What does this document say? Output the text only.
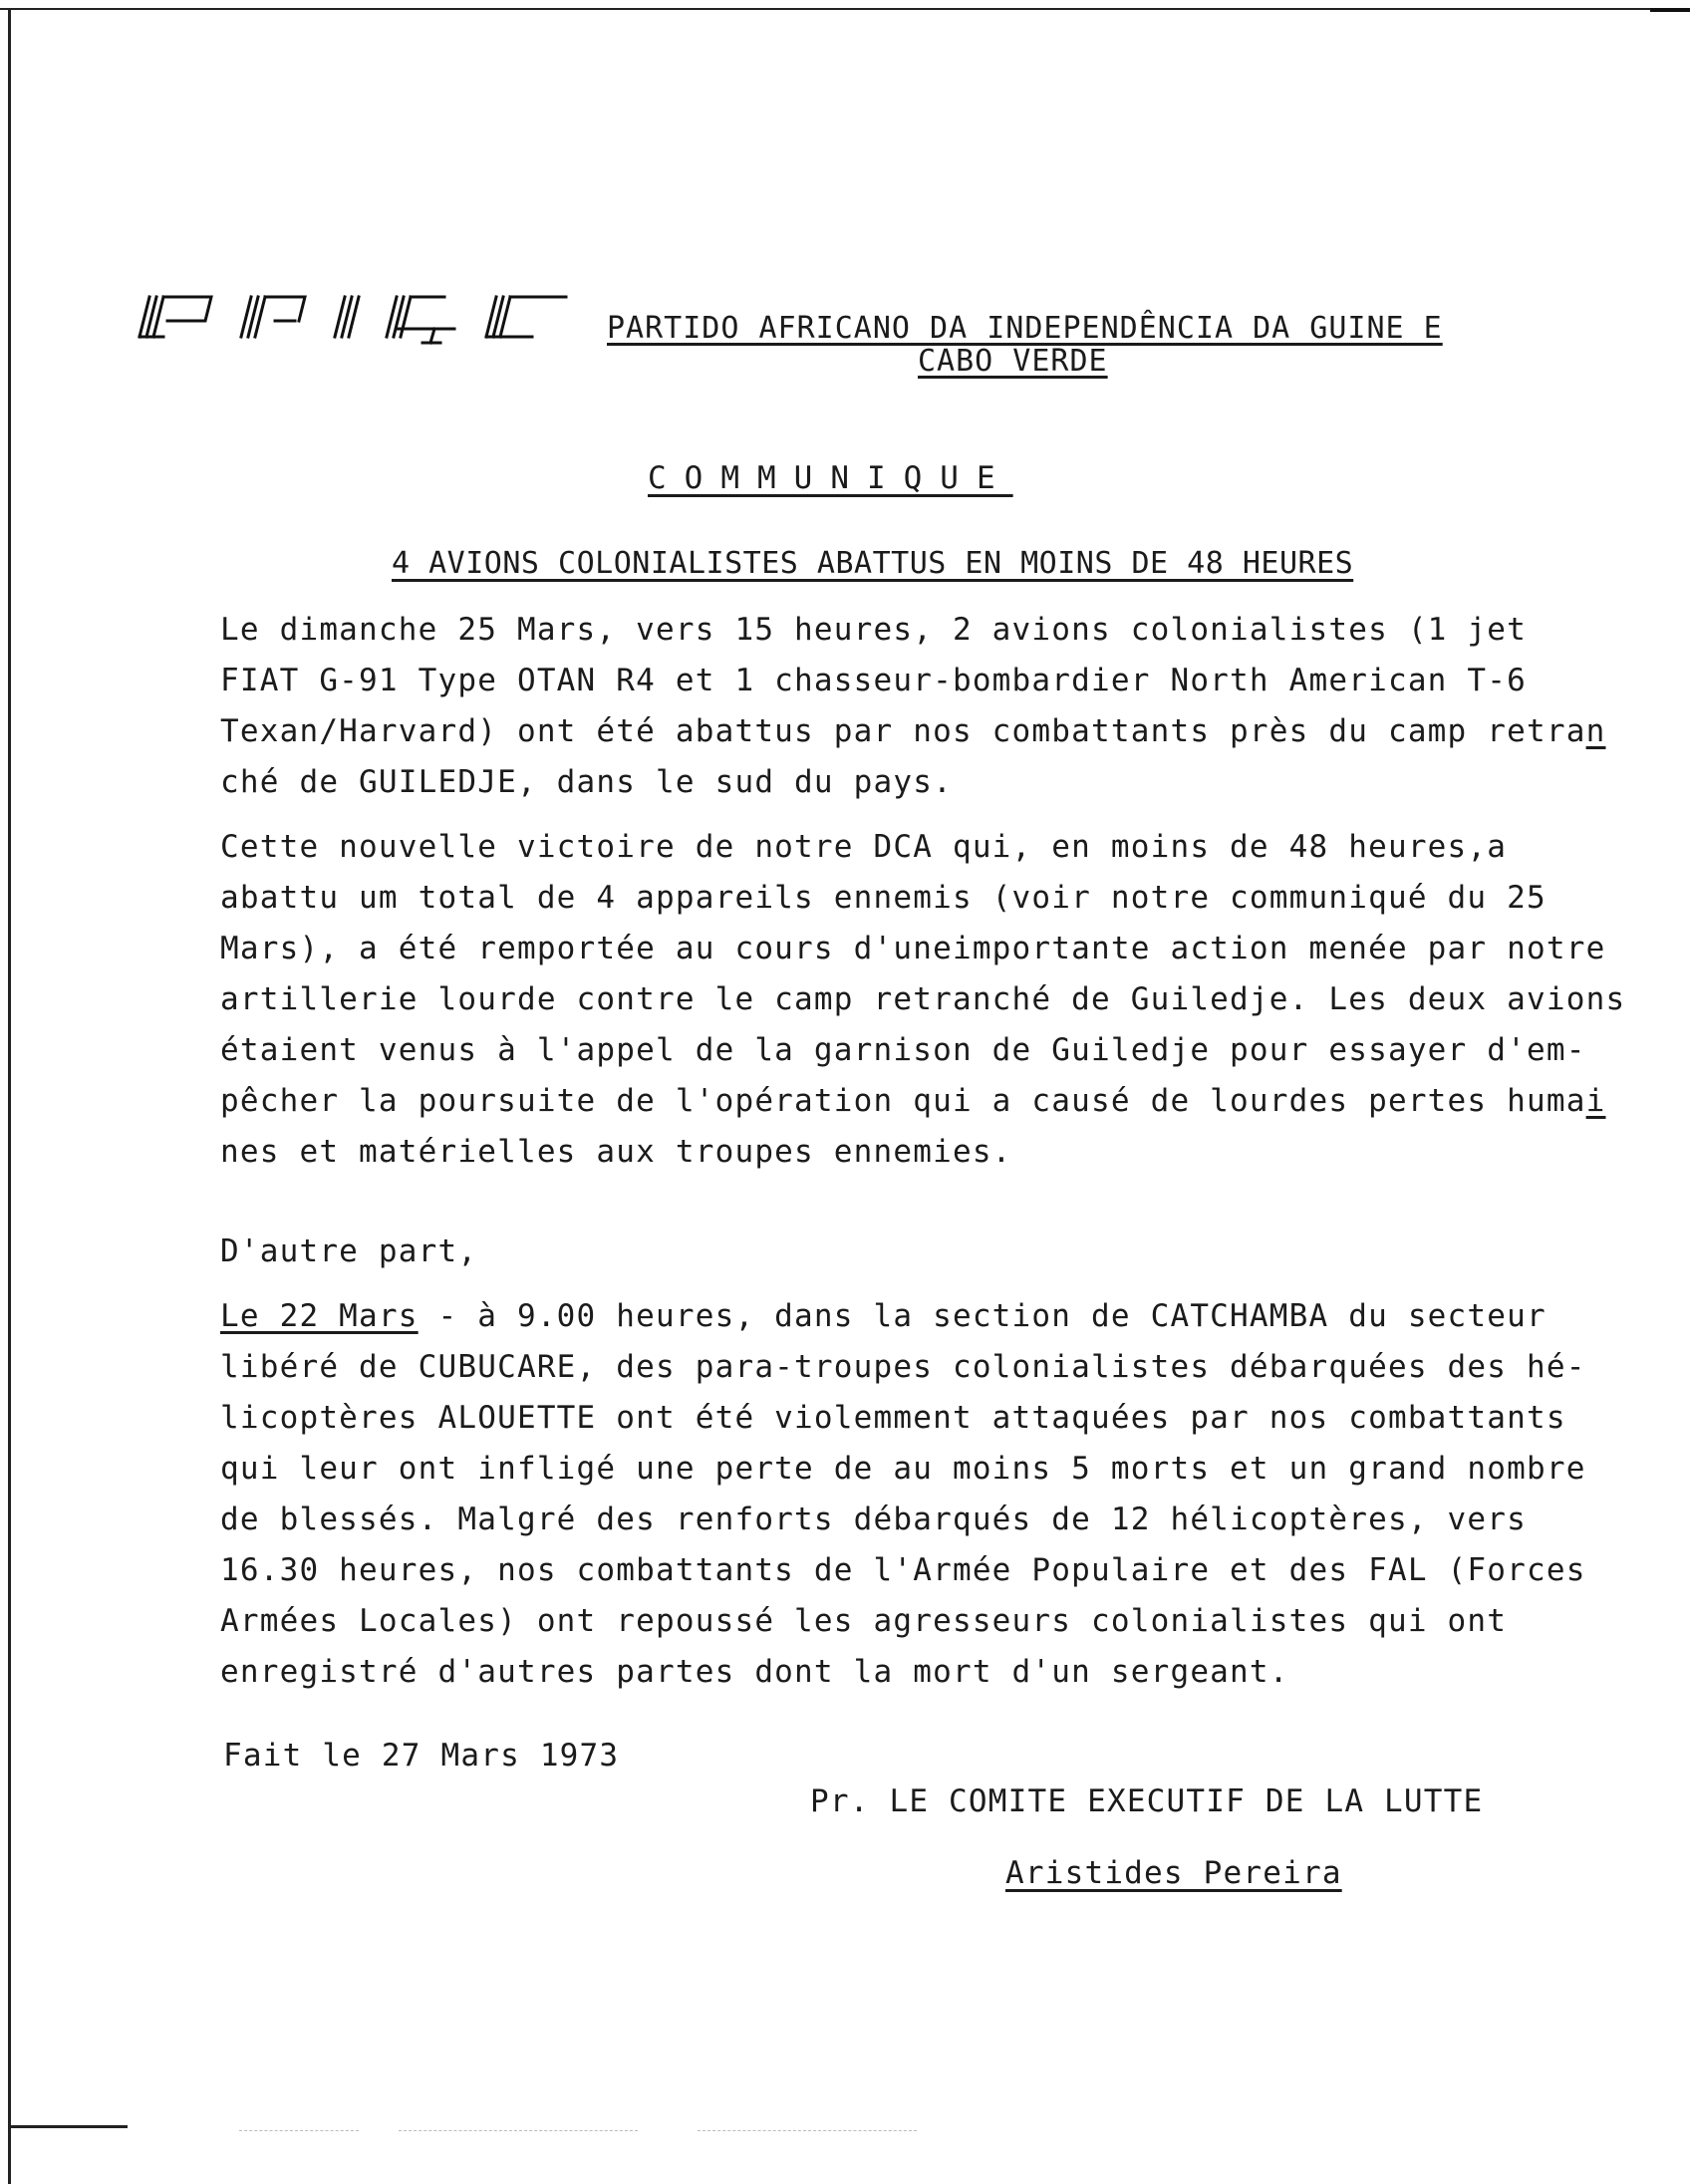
PARTIDO AFRICANO DA INDEPENDÊNCIA DA GUINE E
CABO VERDE
COMMUNIQUE
4 AVIONS COLONIALISTES ABATTUS EN MOINS DE 48 HEURES
Le dimanche 25 Mars, vers 15 heures, 2 avions colonialistes (1 jet
FIAT G-91 Type OTAN R4 et 1 chasseur-bombardier North American T-6
Texan/Harvard) ont été abattus par nos combattants près du camp retran
ché de GUILEDJE, dans le sud du pays.
Cette nouvelle victoire de notre DCA qui, en moins de 48 heures,a
abattu um total de 4 appareils ennemis (voir notre communiqué du 25
Mars), a été remportée au cours d'uneimportante action menée par notre
artillerie lourde contre le camp retranché de Guiledje. Les deux avions
étaient venus à l'appel de la garnison de Guiledje pour essayer d'em-
pêcher la poursuite de l'opération qui a causé de lourdes pertes humai
nes et matérielles aux troupes ennemies.
D'autre part,
Le 22 Mars - à 9.00 heures, dans la section de CATCHAMBA du secteur
libéré de CUBUCARE, des para-troupes colonialistes débarquées des hé-
licoptères ALOUETTE ont été violemment attaquées par nos combattants
qui leur ont infligé une perte de au moins 5 morts et un grand nombre
de blessés. Malgré des renforts débarqués de 12 hélicoptères, vers
16.30 heures, nos combattants de l'Armée Populaire et des FAL (Forces
Armées Locales) ont repoussé les agresseurs colonialistes qui ont
enregistré d'autres partes dont la mort d'un sergeant.
Fait le 27 Mars 1973
Pr. LE COMITE EXECUTIF DE LA LUTTE
Aristides Pereira
